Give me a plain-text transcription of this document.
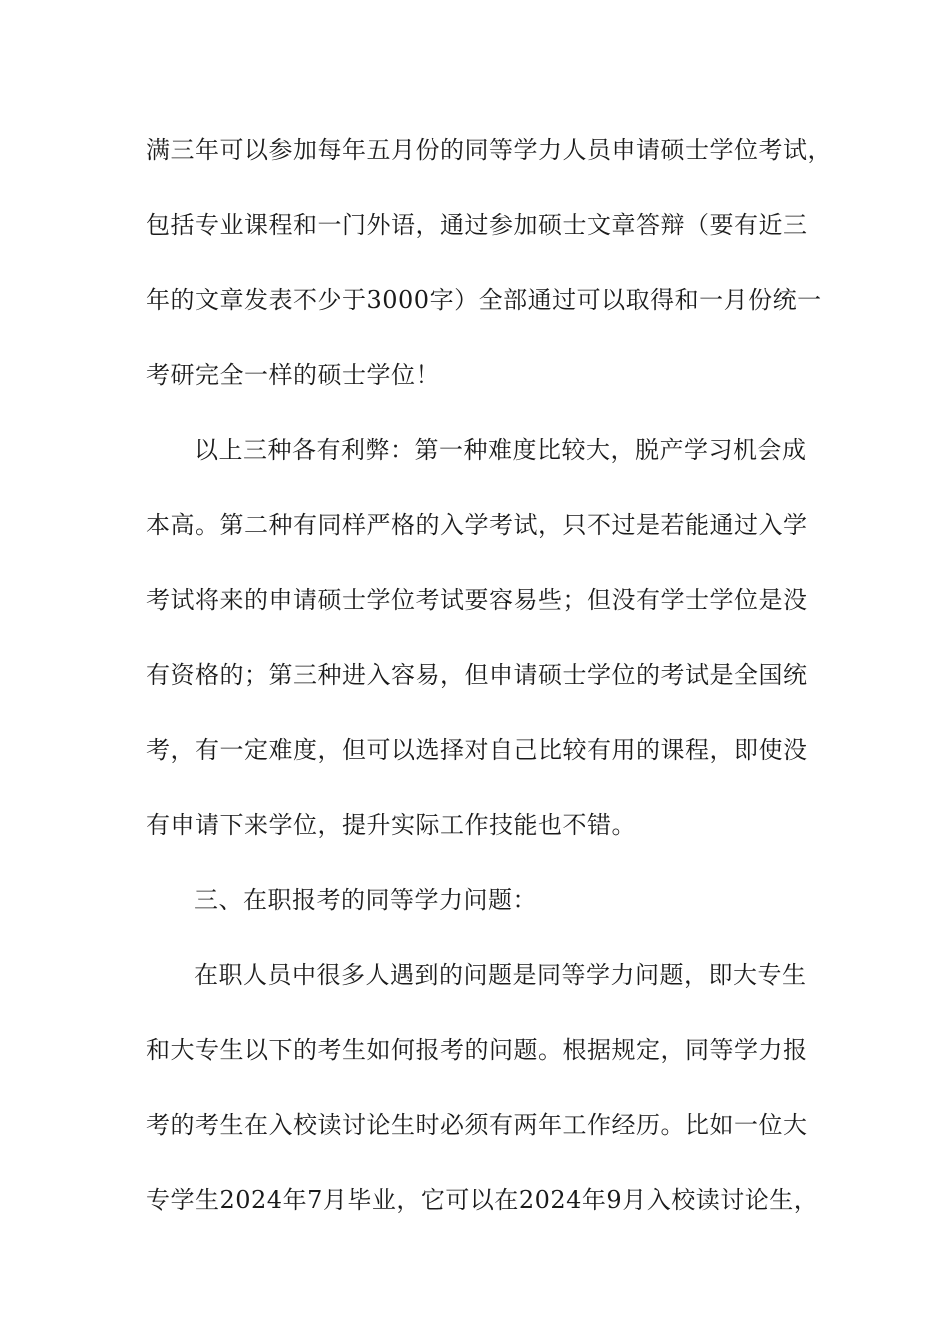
满三年可以参加每年五月份的同等学力人员申请硕士学位考试，
包括专业课程和一门外语，通过参加硕士文章答辩（要有近三
年的文章发表不少于3000字）全部通过可以取得和一月份统一
考研完全一样的硕士学位！
以上三种各有利弊：第一种难度比较大，脱产学习机会成
本高。第二种有同样严格的入学考试，只不过是若能通过入学
考试将来的申请硕士学位考试要容易些；但没有学士学位是没
有资格的；第三种进入容易，但申请硕士学位的考试是全国统
考，有一定难度，但可以选择对自己比较有用的课程，即使没
有申请下来学位，提升实际工作技能也不错。
三、在职报考的同等学力问题：
在职人员中很多人遇到的问题是同等学力问题，即大专生
和大专生以下的考生如何报考的问题。根据规定，同等学力报
考的考生在入校读讨论生时必须有两年工作经历。比如一位大
专学生2024年7月毕业，它可以在2024年9月入校读讨论生，
